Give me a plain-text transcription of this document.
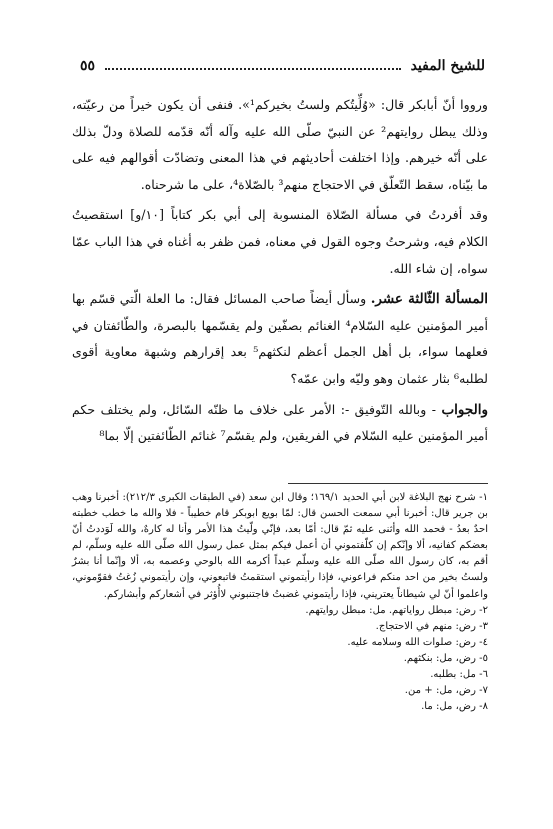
٥٥	للشيخ المفيد

ورووا أنّ أبابكر قال: «وُلِّيتُكم ولستُ بخيركم¹». فنفى أن يكون خيراً من رعيّته، وذلك يبطل روايتهم² عن النبيّ صلّى الله عليه وآله أنّه قدّمه للصلاة ودلّ بذلك على أنّه خيرهم. وإذا اختلفت أحاديثهم في هذا المعنى وتضادّت أقوالهم فيه على ما بيّناه، سقط التّعلّق في الاحتجاج منهم³ بالصّلاة⁴، على ما شرحناه.

وقد أفردتُ في مسألة الصّلاة المنسوبة إلى أبي بكر كتاباً [١٠/و] استقصيتُ الكلام فيه، وشرحتُ وجوه القول في معناه، فمن ظفر به أغناه في هذا الباب عمّا سواه، إن شاء الله.

المسألة الثّالثة عشر. وسأل أيضاً صاحب المسائل فقال: ما العلة الّتي قسّم بها أمير المؤمنين عليه السّلام⁴ الغنائم بصفّين ولم يقسّمها بالبصرة، والطّائفتان في فعلهما سواء، بل أهل الجمل أعظم لنكثهم⁵ بعد إقرارهم وشبهة معاوية أقوى لطلبه⁶ بثار عثمان وهو وليّه وابن عمّه؟

والجواب - وبالله التّوفيق -: الأمر على خلاف ما ظنّه السّائل، ولم يختلف حكم أمير المؤمنين عليه السّلام في الفريقين، ولم يقسّم⁷ غنائم الطّائفتين إلّا بما⁸

١- شرح نهج البلاغة لابن أبي الحديد ١٦٩/١؛ وقال ابن سعد (في الطبقات الكبرى ٢١٢/٣): أخبرنا وهب بن جرير قال: أخبرنا أبي سمعت الحسن قال: لمّا بويع ابوبكر قام خطيباً - فلا والله ما خطب خطبته احدٌ بعدُ - فحمد الله وأثنى عليه ثمّ قال: أمّا بعد، فإنّي ولّيتُ هذا الأمر وأنا له كارهٌ، والله لَوَددتُ أنّ بعضكم كفانيه، ألا وإنّكم إن كلّفتموني أن أعمل فيكم بمثل عمل رسول الله صلّى الله عليه وسلّم، لم أقم به، كان رسول الله صلّى الله عليه وسلّم عبداً أكرمه الله بالوحي وعصمه به، ألا وإنّما أنا بشرٌ ولستُ بخير من احد منكم فراعوني، فإذا رأيتموني استقمتُ فاتبعوني، وإن رأيتموني زُغتُ فقوّموني، واعلموا أنّ لي شيطاناً يعتريني، فإذا رأيتموني غضبتُ فاجتنبوني لاأُؤثر في أشعاركم وأبشاركم.

٢- رض: مبطل رواياتهم. مل: مبطل روايتهم.

٣- رض: منهم في الاحتجاج.

٤- رض: صلوات الله وسلامه عليه.

٥- رض، مل: بنكثهم.

٦- مل: بطلبه.

٧- رض، مل: + من.

٨- رض، مل: ما.
